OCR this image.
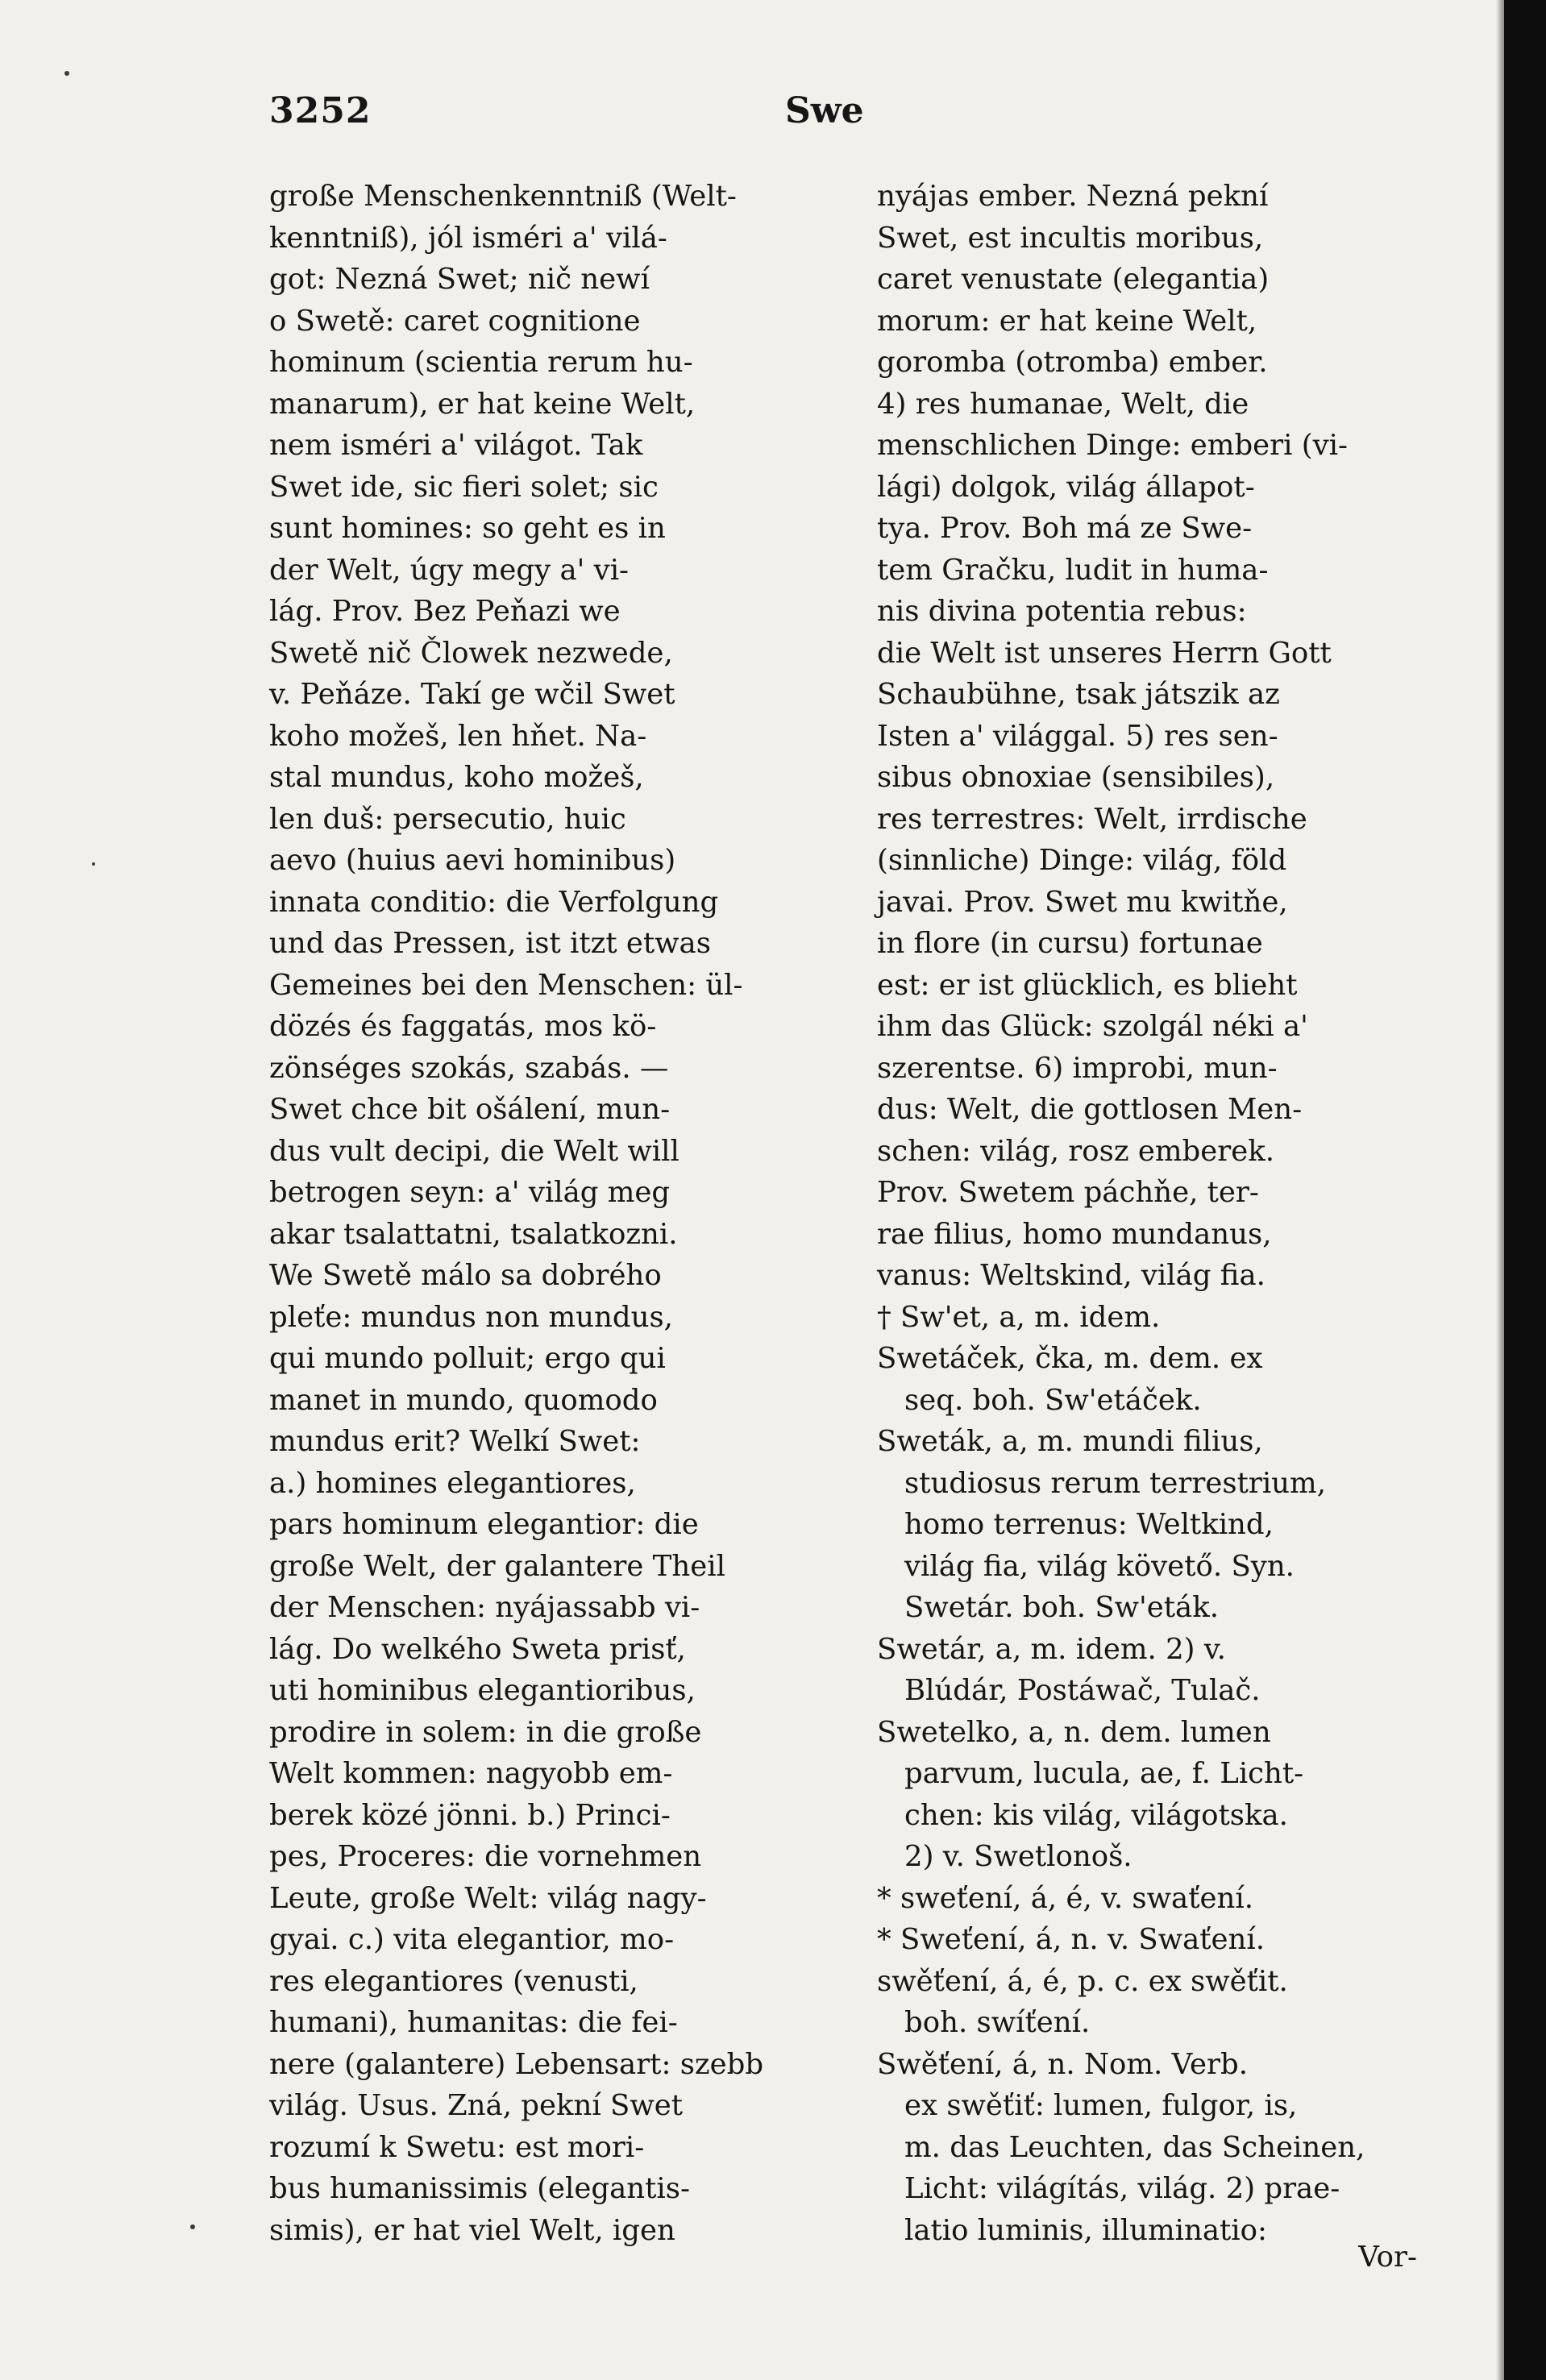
3252	Swe
große Menschenkenntniß (Welt-
kenntniß), jól isméri a' vilá-
got: Nezná Swet; nič newí
o Swetě: caret cognitione
hominum (scientia rerum hu-
manarum), er hat keine Welt,
nem isméri a' világot. Tak
Swet ide, sic fieri solet; sic
sunt homines: so geht es in
der Welt, úgy megy a' vi-
lág. Prov. Bez Peňazi we
Swetě nič Člowek nezwede,
v. Peňáze. Takí ge wčil Swet
koho možeš, len hňet. Na-
stal mundus, koho možeš,
len duš: persecutio, huic
aevo (huius aevi hominibus)
innata conditio: die Verfolgung
und das Pressen, ist itzt etwas
Gemeines bei den Menschen: ül-
dözés és faggatás, mos kö-
zönséges szokás, szabás. —
Swet chce bit ošálení, mun-
dus vult decipi, die Welt will
betrogen seyn: a' világ meg
akar tsalattatni, tsalatkozni.
We Swetě málo sa dobrého
pleťe: mundus non mundus,
qui mundo polluit; ergo qui
manet in mundo, quomodo
mundus erit? Welkí Swet:
a.) homines elegantiores,
pars hominum elegantior: die
große Welt, der galantere Theil
der Menschen: nyájassabb vi-
lág. Do welkého Sweta prisť,
uti hominibus elegantioribus,
prodire in solem: in die große
Welt kommen: nagyobb em-
berek közé jönni. b.) Princi-
pes, Proceres: die vornehmen
Leute, große Welt: világ nagy-
gyai. c.) vita elegantior, mo-
res elegantiores (venusti,
humani), humanitas: die fei-
nere (galantere) Lebensart: szebb
világ. Usus. Zná, pekní Swet
rozumí k Swetu: est mori-
bus humanissimis (elegantis-
simis), er hat viel Welt, igen
nyájas ember. Nezná pekní
Swet, est incultis moribus,
caret venustate (elegantia)
morum: er hat keine Welt,
goromba (otromba) ember.
4) res humanae, Welt, die
menschlichen Dinge: emberi (vi-
lági) dolgok, világ állapot-
tya. Prov. Boh má ze Swe-
tem Gračku, ludit in huma-
nis divina potentia rebus:
die Welt ist unseres Herrn Gott
Schaubühne, tsak játszik az
Isten a' világgal. 5) res sen-
sibus obnoxiae (sensibiles),
res terrestres: Welt, irrdische
(sinnliche) Dinge: világ, föld
javai. Prov. Swet mu kwitňe,
in flore (in cursu) fortunae
est: er ist glücklich, es blieht
ihm das Glück: szolgál néki a'
szerentse. 6) improbi, mun-
dus: Welt, die gottlosen Men-
schen: világ, rosz emberek.
Prov. Swetem páchňe, ter-
rae filius, homo mundanus,
vanus: Weltskind, világ fia.
† Sw'et, a, m. idem.
Swetáček, čka, m. dem. ex
seq. boh. Sw'etáček.
Sweták, a, m. mundi filius,
studiosus rerum terrestrium,
homo terrenus: Weltkind,
világ fia, világ követő. Syn.
Swetár. boh. Sw'eták.
Swetár, a, m. idem. 2) v.
Blúdár, Postáwač, Tulač.
Swetelko, a, n. dem. lumen
parvum, lucula, ae, f. Licht-
chen: kis világ, világotska.
2) v. Swetlonoš.
* sweťení, á, é, v. swaťení.
* Sweťení, á, n. v. Swaťení.
swěťení, á, é, p. c. ex swěťit.
boh. swíťení.
Swěťení, á, n. Nom. Verb.
ex swěťiť: lumen, fulgor, is,
m. das Leuchten, das Scheinen,
Licht: világítás, világ. 2) prae-
latio luminis, illuminatio:
Vor-
